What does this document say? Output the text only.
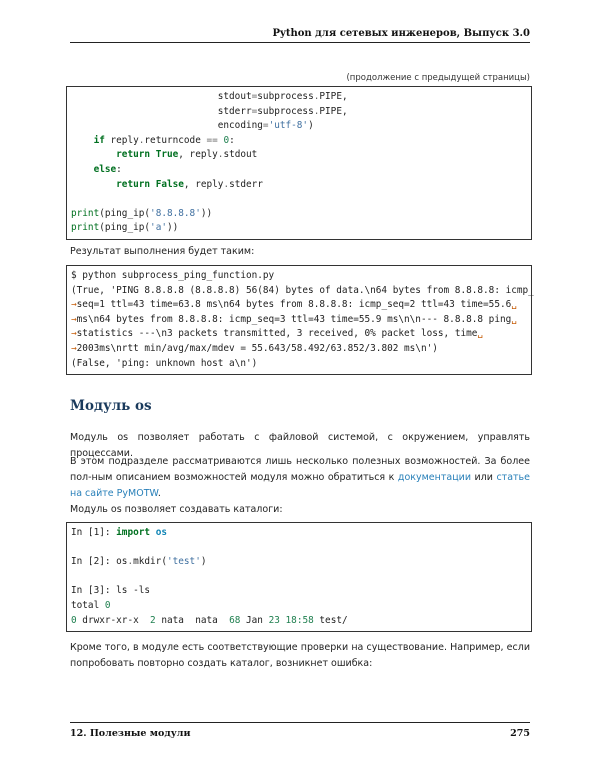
Python для сетевых инженеров, Выпуск 3.0
(продолжение с предыдущей страницы)
stdout=subprocess.PIPE,
stderr=subprocess.PIPE,
encoding='utf-8')
if reply.returncode == 0:
return True, reply.stdout
else:
return False, reply.stderr

print(ping_ip('8.8.8.8'))
print(ping_ip('a'))
Результат выполнения будет таким:
$ python subprocess_ping_function.py
(True, 'PING 8.8.8.8 (8.8.8.8) 56(84) bytes of data.\n64 bytes from 8.8.8.8: icmp_
→seq=1 ttl=43 time=63.8 ms\n64 bytes from 8.8.8.8: icmp_seq=2 ttl=43 time=55.6␣
→ms\n64 bytes from 8.8.8.8: icmp_seq=3 ttl=43 time=55.9 ms\n\n--- 8.8.8.8 ping␣
→statistics ---\n3 packets transmitted, 3 received, 0% packet loss, time␣
→2003ms\nrtt min/avg/max/mdev = 55.643/58.492/63.852/3.802 ms\n')
(False, 'ping: unknown host a\n')
Модуль os
Модуль os позволяет работать с файловой системой, с окружением, управлять процессами.
В этом подразделе рассматриваются лишь несколько полезных возможностей. За более пол-ным описанием возможностей модуля можно обратиться к документации или статье на сайте PyMOTW.
Модуль os позволяет создавать каталоги:
In [1]: import os

In [2]: os.mkdir('test')

In [3]: ls -ls
total 0
0 drwxr-xr-x  2 nata  nata  68 Jan 23 18:58 test/
Кроме того, в модуле есть соответствующие проверки на существование. Например, если попробовать повторно создать каталог, возникнет ошибка:
12. Полезные модули	275
